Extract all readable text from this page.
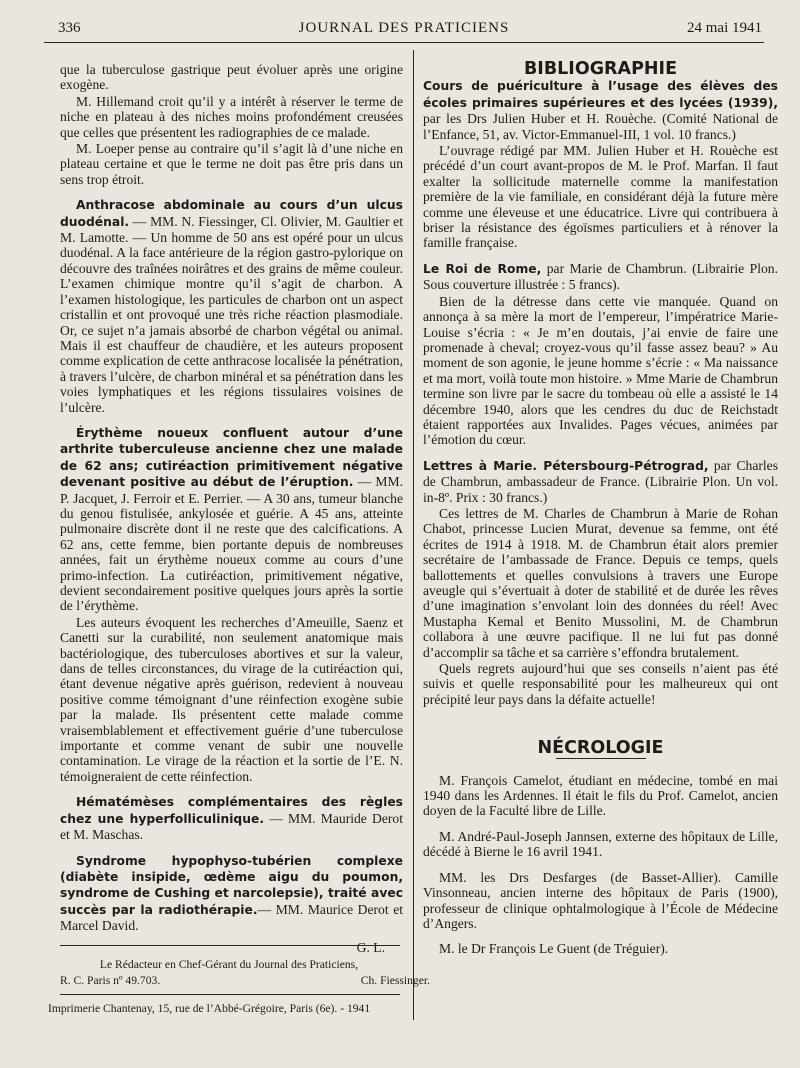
336	JOURNAL DES PRATICIENS	24 mai 1941

que la tuberculose gastrique peut évoluer après une origine exogène.

M. Hillemand croit qu’il y a intérêt à réserver le terme de niche en plateau à des niches moins profondément creusées que celles que présentent les radiographies de ce malade.

M. Loeper pense au contraire qu’il s’agit là d’une niche en plateau certaine et que le terme ne doit pas être pris dans un sens trop étroit.

Anthracose abdominale au cours d’un ulcus duodénal. — MM. N. Fiessinger, Cl. Olivier, M. Gaultier et M. Lamotte. — Un homme de 50 ans est opéré pour un ulcus duodénal. A la face antérieure de la région gastro-pylorique on découvre des traînées noirâtres et des grains de même couleur. L’examen chimique montre qu’il s’agit de charbon. A l’examen histologique, les particules de charbon ont un aspect cristallin et ont provoqué une très riche réaction plasmodiale. Or, ce sujet n’a jamais absorbé de charbon végétal ou animal. Mais il est chauffeur de chaudière, et les auteurs proposent comme explication de cette anthracose localisée la pénétration, à travers l’ulcère, de charbon minéral et sa pénétration dans les voies lymphatiques et les régions tissulaires voisines de l’ulcère.

Érythème noueux confluent autour d’une arthrite tuberculeuse ancienne chez une malade de 62 ans; cutiréaction primitivement négative devenant positive au début de l’éruption. — MM. P. Jacquet, J. Ferroir et E. Perrier. — A 30 ans, tumeur blanche du genou fistulisée, ankylosée et guérie. A 45 ans, atteinte pulmonaire discrète dont il ne reste que des calcifications. A 62 ans, cette femme, bien portante depuis de nombreuses années, fait un érythème noueux comme au cours d’une primo-infection. La cutiréaction, primitivement négative, devient secondairement positive quelques jours après la sortie de l’érythème.

Les auteurs évoquent les recherches d’Ameuille, Saenz et Canetti sur la curabilité, non seulement anatomique mais bactériologique, des tuberculoses abortives et sur la valeur, dans de telles circonstances, du virage de la cutiréaction qui, étant devenue négative après guérison, redevient à nouveau positive comme témoignant d’une réinfection exogène subie par la malade. Ils présentent cette malade comme vraisemblablement et effectivement guérie d’une tuberculose importante et comme venant de subir une nouvelle contamination. Le virage de la réaction et la sortie de l’E. N. témoigneraient de cette réinfection.

Hématémèses complémentaires des règles chez une hyperfolliculinique. — MM. Mauride Derot et M. Maschas.

Syndrome hypophyso-tubérien complexe (diabète insipide, œdème aigu du poumon, syndrome de Cushing et narcolepsie), traité avec succès par la radiothérapie.— MM. Maurice Derot et Marcel David.

G. L.

Le Rédacteur en Chef-Gérant du Journal des Praticiens,
R. C. Paris nº 49.703.	Ch. Fiessinger.
Imprimerie Chantenay, 15, rue de l’Abbé-Grégoire, Paris (6e). - 1941

BIBLIOGRAPHIE

Cours de puériculture à l’usage des élèves des écoles primaires supérieures et des lycées (1939), par les Drs Julien Huber et H. Rouèche. (Comité National de l’Enfance, 51, av. Victor-Emmanuel-III, 1 vol. 10 francs.)

L’ouvrage rédigé par MM. Julien Huber et H. Rouèche est précédé d’un court avant-propos de M. le Prof. Marfan. Il faut exalter la sollicitude maternelle comme la manifestation première de la vie familiale, en considérant déjà la future mère comme une éleveuse et une éducatrice. Livre qui contribuera à briser la résistance des égoïsmes particuliers et à rénover la famille française.

Le Roi de Rome, par Marie de Chambrun. (Librairie Plon. Sous couverture illustrée : 5 francs).

Bien de la détresse dans cette vie manquée. Quand on annonça à sa mère la mort de l’empereur, l’impératrice Marie-Louise s’écria : « Je m’en doutais, j’ai envie de faire une promenade à cheval; croyez-vous qu’il fasse assez beau? » Au moment de son agonie, le jeune homme s’écrie : « Ma naissance et ma mort, voilà toute mon histoire. » Mme Marie de Chambrun termine son livre par le sacre du tombeau où elle a assisté le 14 décembre 1940, alors que les cendres du duc de Reichstadt étaient rapportées aux Invalides. Pages vécues, animées par l’émotion du cœur.

Lettres à Marie. Pétersbourg-Pétrograd, par Charles de Chambrun, ambassadeur de France. (Librairie Plon. Un vol. in-8º. Prix : 30 francs.)

Ces lettres de M. Charles de Chambrun à Marie de Rohan Chabot, princesse Lucien Murat, devenue sa femme, ont été écrites de 1914 à 1918. M. de Chambrun était alors premier secrétaire de l’ambassade de France. Depuis ce temps, quels ballottements et quelles convulsions à travers une Europe aveugle qui s’évertuait à doter de stabilité et de durée les rêves d’une imagination s’envolant loin des données du réel! Avec Mustapha Kemal et Benito Mussolini, M. de Chambrun collabora à une œuvre pacifique. Il ne lui fut pas donné d’accomplir sa tâche et sa carrière s’effondra brutalement.

Quels regrets aujourd’hui que ses conseils n’aient pas été suivis et quelle responsabilité pour les malheureux qui ont précipité leur pays dans la défaite actuelle!

NÉCROLOGIE

M. François Camelot, étudiant en médecine, tombé en mai 1940 dans les Ardennes. Il était le fils du Prof. Camelot, ancien doyen de la Faculté libre de Lille.

M. André-Paul-Joseph Jannsen, externe des hôpitaux de Lille, décédé à Bierne le 16 avril 1941.

MM. les Drs Desfarges (de Basset-Allier). Camille Vinsonneau, ancien interne des hôpitaux de Paris (1900), professeur de clinique ophtalmologique à l’École de Médecine d’Angers.

M. le Dr François Le Guent (de Tréguier).
